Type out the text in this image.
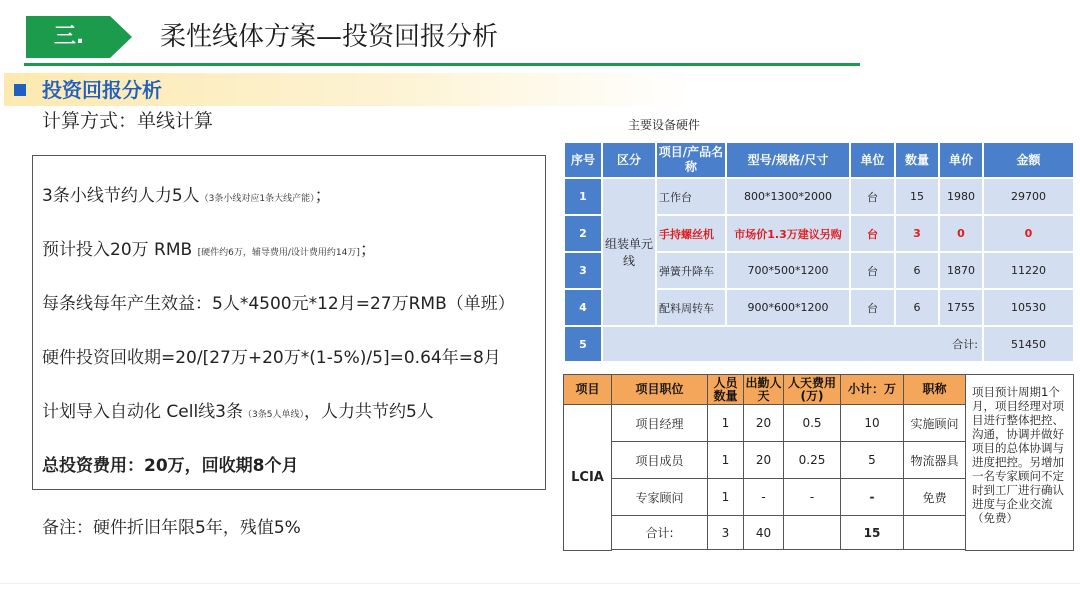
三.	柔性线体方案—投资回报分析
投资回报分析
计算方式：单线计算
3条小线节约人力5人（3条小线对应1条大线产能）；
预计投入20万 RMB [硬件约6万，辅导费用/设计费用约14万]；
每条线每年产生效益：5人*4500元*12月=27万RMB（单班）
硬件投资回收期=20/[27万+20万*(1-5%)/5]=0.64年=8月
计划导入自动化 Cell线3条（3条5人单线），人力共节约5人
总投资费用：20万，回收期8个月
备注：硬件折旧年限5年，残值5%
主要设备硬件
序号	区分	项目/产品名称	型号/规格/尺寸	单位	数量	单价	金额
1	组装单元线	工作台	800*1300*2000	台	15	1980	29700
2		手持螺丝机	市场价1.3万建议另购	台	3	0	0
3		弹簧升降车	700*500*1200	台	6	1870	11220
4		配料周转车	900*600*1200	台	6	1755	10530
5	合计:						51450
项目	项目职位	人员数量	出勤人天	人天费用(万)	小计：万	职称	项目预计周期1个月，项目经理对项目进行整体把控、沟通，协调并做好项目的总体协调与进度把控。另增加一名专家顾问不定时到工厂进行确认进度与企业交流（免费）

LCIA	项目经理	1	20	0.5	10	实施顾问	
	项目成员	1	20	0.25	5	物流器具	
	专家顾问	1	-	-	-	免费	
	合计:	3	40		15		
